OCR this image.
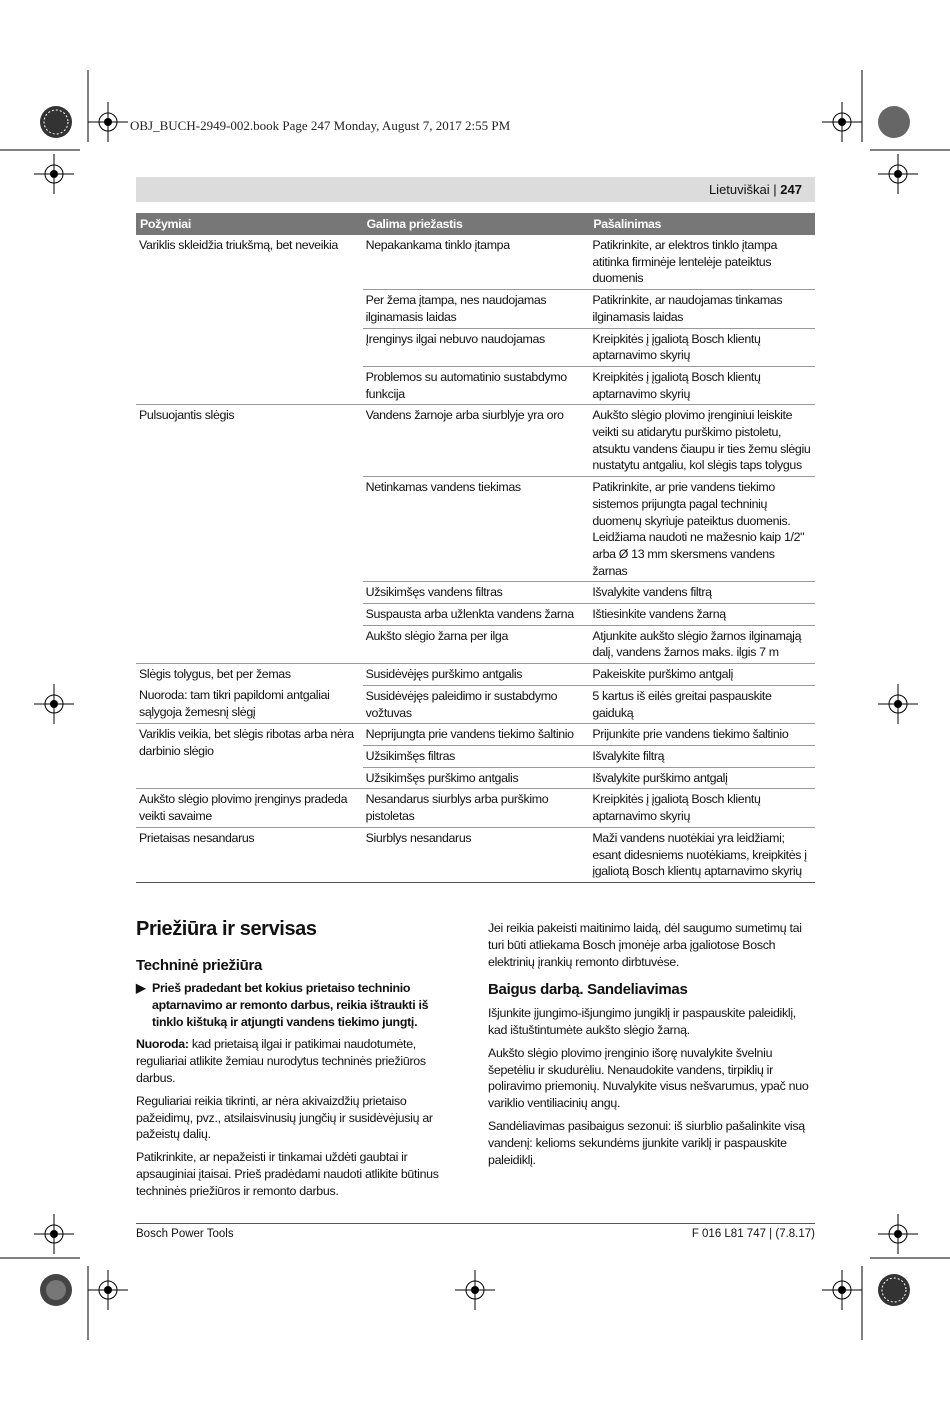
OBJ_BUCH-2949-002.book Page 247 Monday, August 7, 2017 2:55 PM
Lietuviškai | 247
Požymiai	Galima priežastis	Pašalinimas
Variklis skleidžia triukšmą, bet neveikia	Nepakankama tinklo įtampa	Patikrinkite, ar elektros tinklo įtampa atitinka firminėje lentelėje pateiktus duomenis
	Per žema įtampa, nes naudojamas ilginamasis laidas	Patikrinkite, ar naudojamas tinkamas ilginamasis laidas
	Įrenginys ilgai nebuvo naudojamas	Kreipkitės į įgaliotą Bosch klientų aptarnavimo skyrių
	Problemos su automatinio sustabdymo funkcija	Kreipkitės į įgaliotą Bosch klientų aptarnavimo skyrių
Pulsuojantis slėgis	Vandens žarnoje arba siurblyje yra oro	Aukšto slėgio plovimo įrenginiui leiskite veikti su atidarytu purškimo pistoletu, atsuktu vandens čiaupu ir ties žemu slėgiu nustatytu antgaliu, kol slėgis taps tolygus
	Netinkamas vandens tiekimas	Patikrinkite, ar prie vandens tiekimo sistemos prijungta pagal techninių duomenų skyriuje pateiktus duomenis. Leidžiama naudoti ne mažesnio kaip 1/2" arba Ø 13 mm skersmens vandens žarnas
	Užsikimšęs vandens filtras	Išvalykite vandens filtrą
	Suspausta arba užlenkta vandens žarna	Ištiesinkite vandens žarną
	Aukšto slėgio žarna per ilga	Atjunkite aukšto slėgio žarnos ilginamąją dalį, vandens žarnos maks. ilgis 7 m
Slėgis tolygus, bet per žemas	Susidėvėjęs purškimo antgalis	Pakeiskite purškimo antgalį
Nuoroda: tam tikri papildomi antgaliai sąlygoja žemesnį slėgį	Susidėvėjęs paleidimo ir sustabdymo vožtuvas	5 kartus iš eilės greitai paspauskite gaiduką
Variklis veikia, bet slėgis ribotas arba nėra darbinio slėgio	Neprijungta prie vandens tiekimo šaltinio	Prijunkite prie vandens tiekimo šaltinio
	Užsikimšęs filtras	Išvalykite filtrą
	Užsikimšęs purškimo antgalis	Išvalykite purškimo antgalį
Aukšto slėgio plovimo įrenginys pradeda veikti savaime	Nesandarus siurblys arba purškimo pistoletas	Kreipkitės į įgaliotą Bosch klientų aptarnavimo skyrių
Prietaisas nesandarus	Siurblys nesandarus	Maži vandens nuotėkiai yra leidžiami; esant didesniems nuotėkiams, kreipkitės į įgaliotą Bosch klientų aptarnavimo skyrių
Priežiūra ir servisas
Techninė priežiūra

▶ Prieš pradedant bet kokius prietaiso techninio aptarnavimo ar remonto darbus, reikia ištraukti iš tinklo kištuką ir atjungti vandens tiekimo jungtį.

Nuoroda: kad prietaisą ilgai ir patikimai naudotumėte, reguliariai atlikite žemiau nurodytus techninės priežiūros darbus.

Reguliariai reikia tikrinti, ar nėra akivaizdžių prietaiso pažeidimų, pvz., atsilaisvinusių jungčių ir susidėvėjusių ar pažeistų dalių.

Patikrinkite, ar nepažeisti ir tinkamai uždėti gaubtai ir apsauginiai įtaisai. Prieš pradėdami naudoti atlikite būtinus techninės priežiūros ir remonto darbus.

Jei reikia pakeisti maitinimo laidą, dėl saugumo sumetimų tai turi būti atliekama Bosch įmonėje arba įgaliotose Bosch elektrinių įrankių remonto dirbtuvėse.

Baigus darbą. Sandeliavimas

Išjunkite įjungimo-išjungimo jungiklį ir paspauskite paleidiklį, kad ištuštintumėte aukšto slėgio žarną.

Aukšto slėgio plovimo įrenginio išorę nuvalykite švelniu šepetėliu ir skudurėliu. Nenaudokite vandens, tirpiklių ir poliravimo priemonių. Nuvalykite visus nešvarumus, ypač nuo variklio ventiliacinių angų.

Sandėliavimas pasibaigus sezonui: iš siurblio pašalinkite visą vandenį: kelioms sekundėms įjunkite variklį ir paspauskite paleidiklį.

Bosch Power Tools	F 016 L81 747 | (7.8.17)
